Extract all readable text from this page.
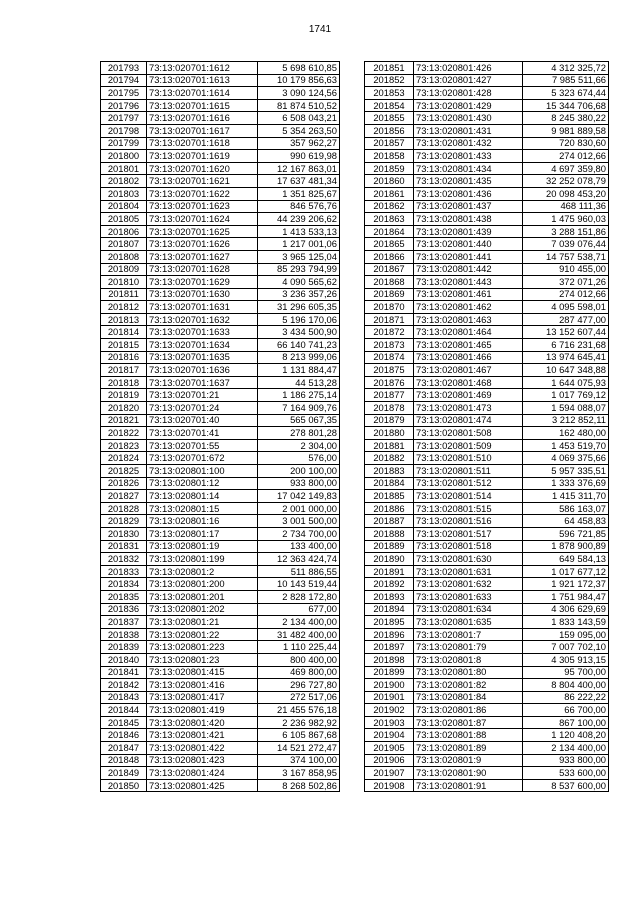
1741
201793	73:13:020701:1612	5 698 610,85
201794	73:13:020701:1613	10 179 856,63
201795	73:13:020701:1614	3 090 124,56
201796	73:13:020701:1615	81 874 510,52
201797	73:13:020701:1616	6 508 043,21
201798	73:13:020701:1617	5 354 263,50
201799	73:13:020701:1618	357 962,27
201800	73:13:020701:1619	990 619,98
201801	73:13:020701:1620	12 167 863,01
201802	73:13:020701:1621	17 637 481,34
201803	73:13:020701:1622	1 351 825,67
201804	73:13:020701:1623	846 576,76
201805	73:13:020701:1624	44 239 206,62
201806	73:13:020701:1625	1 413 533,13
201807	73:13:020701:1626	1 217 001,06
201808	73:13:020701:1627	3 965 125,04
201809	73:13:020701:1628	85 293 794,99
201810	73:13:020701:1629	4 090 565,62
201811	73:13:020701:1630	3 236 357,26
201812	73:13:020701:1631	31 296 605,35
201813	73:13:020701:1632	5 196 170,06
201814	73:13:020701:1633	3 434 500,90
201815	73:13:020701:1634	66 140 741,23
201816	73:13:020701:1635	8 213 999,06
201817	73:13:020701:1636	1 131 884,47
201818	73:13:020701:1637	44 513,28
201819	73:13:020701:21	1 186 275,14
201820	73:13:020701:24	7 164 909,76
201821	73:13:020701:40	565 067,35
201822	73:13:020701:41	278 801,28
201823	73:13:020701:55	2 304,00
201824	73:13:020701:672	576,00
201825	73:13:020801:100	200 100,00
201826	73:13:020801:12	933 800,00
201827	73:13:020801:14	17 042 149,83
201828	73:13:020801:15	2 001 000,00
201829	73:13:020801:16	3 001 500,00
201830	73:13:020801:17	2 734 700,00
201831	73:13:020801:19	133 400,00
201832	73:13:020801:199	12 363 424,74
201833	73:13:020801:2	511 886,55
201834	73:13:020801:200	10 143 519,44
201835	73:13:020801:201	2 828 172,80
201836	73:13:020801:202	677,00
201837	73:13:020801:21	2 134 400,00
201838	73:13:020801:22	31 482 400,00
201839	73:13:020801:223	1 110 225,44
201840	73:13:020801:23	800 400,00
201841	73:13:020801:415	469 800,00
201842	73:13:020801:416	296 727,80
201843	73:13:020801:417	272 517,06
201844	73:13:020801:419	21 455 576,18
201845	73:13:020801:420	2 236 982,92
201846	73:13:020801:421	6 105 867,68
201847	73:13:020801:422	14 521 272,47
201848	73:13:020801:423	374 100,00
201849	73:13:020801:424	3 167 858,95
201850	73:13:020801:425	8 268 502,86
201851	73:13:020801:426	4 312 325,72
201852	73:13:020801:427	7 985 511,66
201853	73:13:020801:428	5 323 674,44
201854	73:13:020801:429	15 344 706,68
201855	73:13:020801:430	8 245 380,22
201856	73:13:020801:431	9 981 889,58
201857	73:13:020801:432	720 830,60
201858	73:13:020801:433	274 012,66
201859	73:13:020801:434	4 697 359,80
201860	73:13:020801:435	32 252 078,79
201861	73:13:020801:436	20 098 453,20
201862	73:13:020801:437	468 111,36
201863	73:13:020801:438	1 475 960,03
201864	73:13:020801:439	3 288 151,86
201865	73:13:020801:440	7 039 076,44
201866	73:13:020801:441	14 757 538,71
201867	73:13:020801:442	910 455,00
201868	73:13:020801:443	372 071,26
201869	73:13:020801:461	274 012,66
201870	73:13:020801:462	4 095 598,01
201871	73:13:020801:463	287 477,00
201872	73:13:020801:464	13 152 607,44
201873	73:13:020801:465	6 716 231,68
201874	73:13:020801:466	13 974 645,41
201875	73:13:020801:467	10 647 348,88
201876	73:13:020801:468	1 644 075,93
201877	73:13:020801:469	1 017 769,12
201878	73:13:020801:473	1 594 088,07
201879	73:13:020801:474	3 212 852,11
201880	73:13:020801:508	162 480,00
201881	73:13:020801:509	1 453 519,70
201882	73:13:020801:510	4 069 375,66
201883	73:13:020801:511	5 957 335,51
201884	73:13:020801:512	1 333 376,69
201885	73:13:020801:514	1 415 311,70
201886	73:13:020801:515	586 163,07
201887	73:13:020801:516	64 458,83
201888	73:13:020801:517	596 721,85
201889	73:13:020801:518	1 878 900,89
201890	73:13:020801:630	649 584,13
201891	73:13:020801:631	1 017 677,12
201892	73:13:020801:632	1 921 172,37
201893	73:13:020801:633	1 751 984,47
201894	73:13:020801:634	4 306 629,69
201895	73:13:020801:635	1 833 143,59
201896	73:13:020801:7	159 095,00
201897	73:13:020801:79	7 007 702,10
201898	73:13:020801:8	4 305 913,15
201899	73:13:020801:80	95 700,00
201900	73:13:020801:82	8 804 400,00
201901	73:13:020801:84	86 222,22
201902	73:13:020801:86	66 700,00
201903	73:13:020801:87	867 100,00
201904	73:13:020801:88	1 120 408,20
201905	73:13:020801:89	2 134 400,00
201906	73:13:020801:9	933 800,00
201907	73:13:020801:90	533 600,00
201908	73:13:020801:91	8 537 600,00
